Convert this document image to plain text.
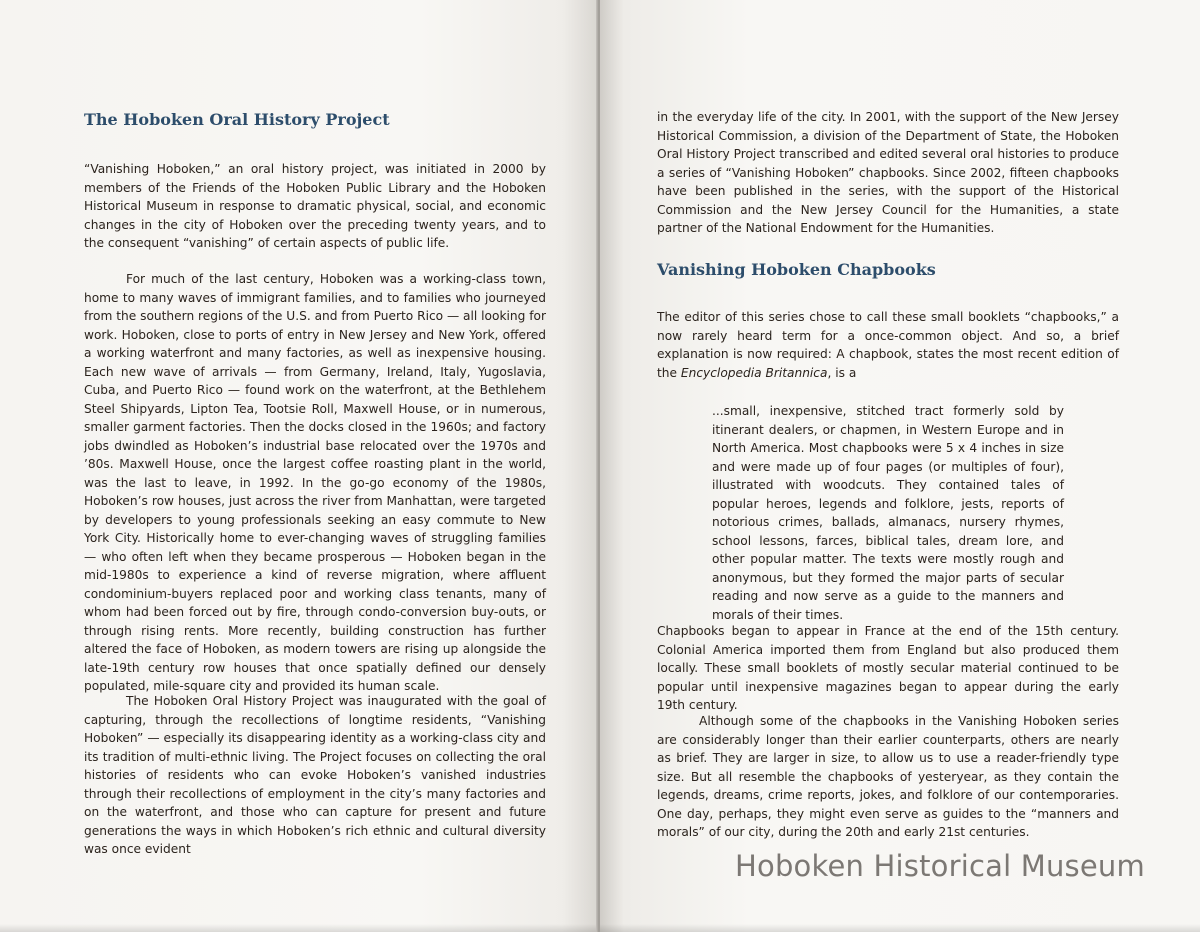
The Hoboken Oral History Project

“Vanishing Hoboken,” an oral history project, was initiated in 2000 by members of the Friends of the Hoboken Public Library and the Hoboken Historical Museum in response to dramatic physical, social, and economic changes in the city of Hoboken over the preceding twenty years, and to the consequent “vanishing” of certain aspects of public life.

For much of the last century, Hoboken was a working-class town, home to many waves of immigrant families, and to families who journeyed from the southern regions of the U.S. and from Puerto Rico — all looking for work. Hoboken, close to ports of entry in New Jersey and New York, offered a working waterfront and many factories, as well as inexpensive housing. Each new wave of arrivals — from Germany, Ireland, Italy, Yugoslavia, Cuba, and Puerto Rico — found work on the waterfront, at the Bethlehem Steel Shipyards, Lipton Tea, Tootsie Roll, Maxwell House, or in numerous, smaller garment factories. Then the docks closed in the 1960s; and factory jobs dwindled as Hoboken’s industrial base relocated over the 1970s and ’80s. Maxwell House, once the largest coffee roasting plant in the world, was the last to leave, in 1992. In the go-go economy of the 1980s, Hoboken’s row houses, just across the river from Manhattan, were targeted by developers to young professionals seeking an easy commute to New York City. Historically home to ever-changing waves of struggling families — who often left when they became prosperous — Hoboken began in the mid-1980s to experience a kind of reverse migration, where affluent condominium-buyers replaced poor and working class tenants, many of whom had been forced out by fire, through condo-conversion buy-outs, or through rising rents. More recently, building construction has further altered the face of Hoboken, as modern towers are rising up alongside the late-19th century row houses that once spatially defined our densely populated, mile-square city and provided its human scale.

The Hoboken Oral History Project was inaugurated with the goal of capturing, through the recollections of longtime residents, “Vanishing Hoboken” — especially its disappearing identity as a working-class city and its tradition of multi-ethnic living. The Project focuses on collecting the oral histories of residents who can evoke Hoboken’s vanished industries through their recollections of employment in the city’s many factories and on the waterfront, and those who can capture for present and future generations the ways in which Hoboken’s rich ethnic and cultural diversity was once evident

in the everyday life of the city. In 2001, with the support of the New Jersey Historical Commission, a division of the Department of State, the Hoboken Oral History Project transcribed and edited several oral histories to produce a series of “Vanishing Hoboken” chapbooks. Since 2002, fifteen chapbooks have been published in the series, with the support of the Historical Commission and the New Jersey Council for the Humanities, a state partner of the National Endowment for the Humanities.

Vanishing Hoboken Chapbooks

The editor of this series chose to call these small booklets “chapbooks,” a now rarely heard term for a once-common object. And so, a brief explanation is now required: A chapbook, states the most recent edition of the Encyclopedia Britannica, is a

...small, inexpensive, stitched tract formerly sold by itinerant dealers, or chapmen, in Western Europe and in North America. Most chapbooks were 5 x 4 inches in size and were made up of four pages (or multiples of four), illustrated with woodcuts. They contained tales of popular heroes, legends and folklore, jests, reports of notorious crimes, ballads, almanacs, nursery rhymes, school lessons, farces, biblical tales, dream lore, and other popular matter. The texts were mostly rough and anonymous, but they formed the major parts of secular reading and now serve as a guide to the manners and morals of their times.

Chapbooks began to appear in France at the end of the 15th century. Colonial America imported them from England but also produced them locally. These small booklets of mostly secular material continued to be popular until inexpensive magazines began to appear during the early 19th century.

Although some of the chapbooks in the Vanishing Hoboken series are considerably longer than their earlier counterparts, others are nearly as brief. They are larger in size, to allow us to use a reader-friendly type size. But all resemble the chapbooks of yesteryear, as they contain the legends, dreams, crime reports, jokes, and folklore of our contemporaries. One day, perhaps, they might even serve as guides to the “manners and morals” of our city, during the 20th and early 21st centuries.

Hoboken Historical Museum
